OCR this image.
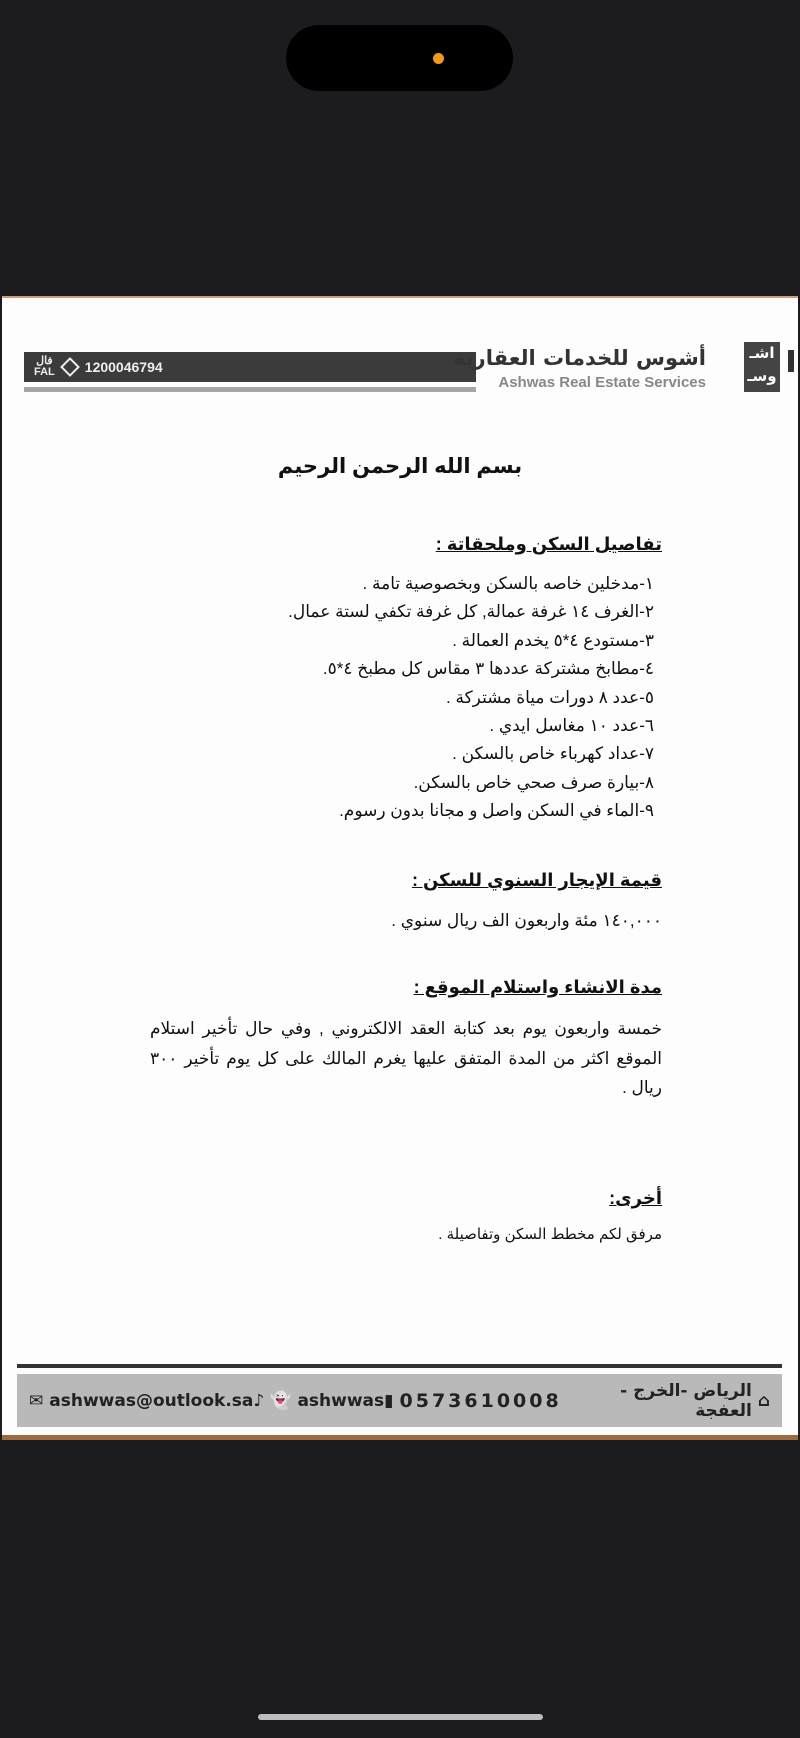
فال
FAL 1200046794	أشوس للخدمات العقارية
Ashwas Real Estate Services
اشـ وسـ
بسم الله الرحمن الرحيم
تفاصيل السكن وملحقاتة :
١-مدخلين خاصه بالسكن وبخصوصية تامة .
٢-الغرف ١٤ غرفة عمالة, كل غرفة تكفي لستة عمال.
٣-مستودع ٤*٥ يخدم العمالة .
٤-مطابخ مشتركة عددها ٣ مقاس كل مطبخ ٤*٥.
٥-عدد ٨ دورات مياة مشتركة .
٦-عدد ١٠ مغاسل ايدي .
٧-عداد كهرباء خاص بالسكن .
٨-بيارة صرف صحي خاص بالسكن.
٩-الماء في السكن واصل و مجانا بدون رسوم.
قيمة الإيجار السنوي للسكن :
١٤٠,٠٠٠ مئة واربعون الف ريال سنوي .
مدة الانشاء واستلام الموقع :
خمسة واربعون يوم بعد كتابة العقد الالكتروني , وفي حال تأخير استلام الموقع اكثر من المدة المتفق عليها يغرم المالك على كل يوم تأخير ٣٠٠ ريال .
أخرى:
مرفق لكم مخطط السكن وتفاصيلة .
✉ ashwwas@outlook.sa ♪ 👻 ashwwas ▮ 0573610008	⌂
الرياض -الخرج - العفجة
